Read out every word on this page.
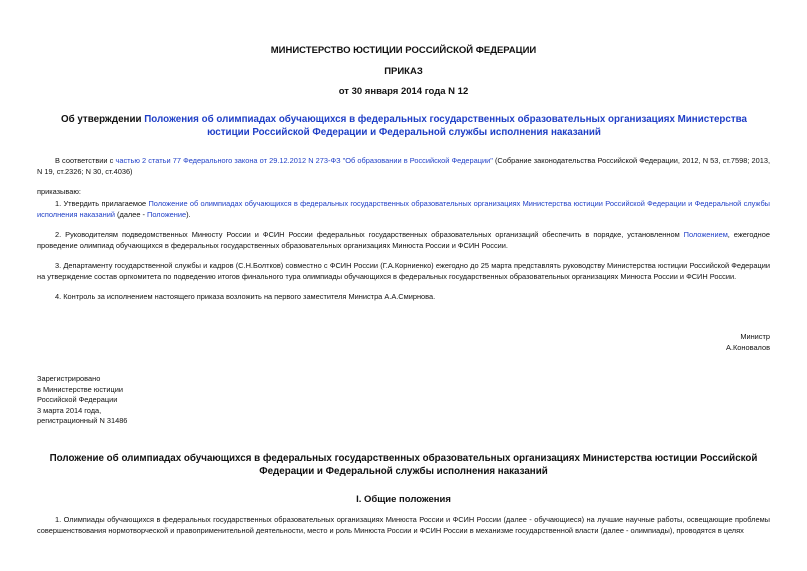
МИНИСТЕРСТВО ЮСТИЦИИ РОССИЙСКОЙ ФЕДЕРАЦИИ

ПРИКАЗ

от 30 января 2014 года N 12

Об утверждении Положения об олимпиадах обучающихся в федеральных государственных образовательных организациях Министерства юстиции Российской Федерации и Федеральной службы исполнения наказаний

В соответствии с частью 2 статьи 77 Федерального закона от 29.12.2012 N 273-ФЗ "Об образовании в Российской Федерации" (Собрание законодательства Российской Федерации, 2012, N 53, ст.7598; 2013, N 19, ст.2326; N 30, ст.4036)

приказываю:

1. Утвердить прилагаемое Положение об олимпиадах обучающихся в федеральных государственных образовательных организациях Министерства юстиции Российской Федерации и Федеральной службы исполнения наказаний (далее - Положение).

2. Руководителям подведомственных Минюсту России и ФСИН России федеральных государственных образовательных организаций обеспечить в порядке, установленном Положением, ежегодное проведение олимпиад обучающихся в федеральных государственных образовательных организациях Минюста России и ФСИН России.

3. Департаменту государственной службы и кадров (С.Н.Болтков) совместно с ФСИН России (Г.А.Корниенко) ежегодно до 25 марта представлять руководству Министерства юстиции Российской Федерации на утверждение состав оргкомитета по подведению итогов финального тура олимпиады обучающихся в федеральных государственных образовательных организациях Минюста России и ФСИН России.

4. Контроль за исполнением настоящего приказа возложить на первого заместителя Министра А.А.Смирнова.

Министр
А.Коновалов
Зарегистрировано
в Министерстве юстиции
Российской Федерации
3 марта 2014 года,
регистрационный N 31486

Положение об олимпиадах обучающихся в федеральных государственных образовательных организациях Министерства юстиции Российской Федерации и Федеральной службы исполнения наказаний

I. Общие положения

1. Олимпиады обучающихся в федеральных государственных образовательных организациях Минюста России и ФСИН России (далее - обучающиеся) на лучшие научные работы, освещающие проблемы совершенствования нормотворческой и правоприменительной деятельности, место и роль Минюста России и ФСИН России в механизме государственной власти (далее - олимпиады), проводятся в целях
